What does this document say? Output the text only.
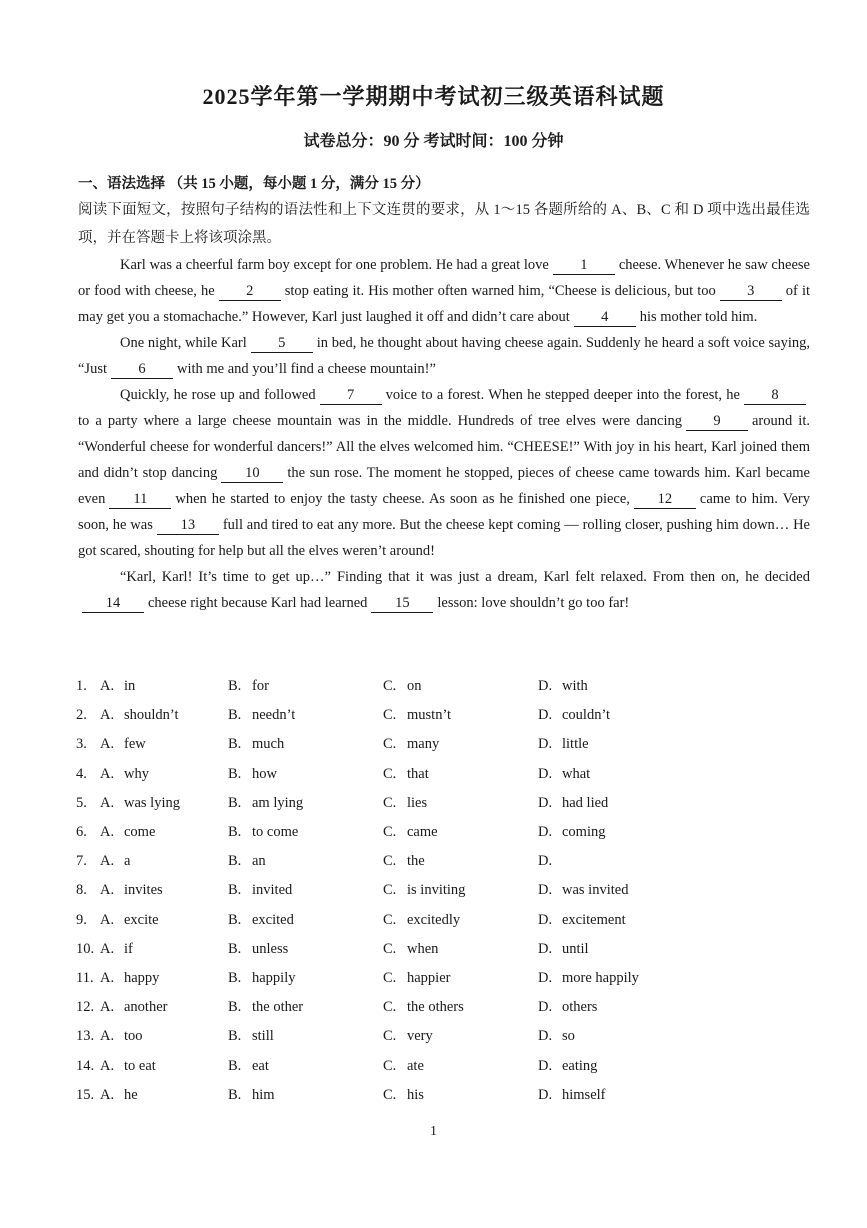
2025学年第一学期期中考试初三级英语科试题
试卷总分：90 分 考试时间：100 分钟
一、语法选择 （共 15 小题，每小题 1 分，满分 15 分）
阅读下面短文，按照句子结构的语法性和上下文连贯的要求，从 1～15 各题所给的 A、B、C 和 D 项中选出最佳选项，并在答题卡上将该项涂黑。

Karl was a cheerful farm boy except for one problem. He had a great love 1 cheese. Whenever he saw cheese or food with cheese, he 2 stop eating it. His mother often warned him, “Cheese is delicious, but too 3 of it may get you a stomachache.” However, Karl just laughed it off and didn’t care about 4 his mother told him.

One night, while Karl 5 in bed, he thought about having cheese again. Suddenly he heard a soft voice saying, “Just 6 with me and you’ll find a cheese mountain!”

Quickly, he rose up and followed 7 voice to a forest. When he stepped deeper into the forest, he 8to a party where a large cheese mountain was in the middle. Hundreds of tree elves were dancing 9 around it. “Wonderful cheese for wonderful dancers!” All the elves welcomed him. “CHEESE!” With joy in his heart, Karl joined them and didn’t stop dancing 10 the sun rose. The moment he stopped, pieces of cheese came towards him. Karl became even 11 when he started to enjoy the tasty cheese. As soon as he finished one piece, 12 came to him. Very soon, he was 13 full and tired to eat any more. But the cheese kept coming — rolling closer, pushing him down… He got scared, shouting for help but all the elves weren’t around!

“Karl, Karl! It’s time to get up…” Finding that it was just a dream, Karl felt relaxed. From then on, he decided14 cheese right because Karl had learned 15 lesson: love shouldn’t go too far!

1. A. in	B. for	C. on	D. with
2. A. shouldn’t	B. needn’t	C. mustn’t	D. couldn’t
3. A. few	B. much	C. many	D. little
4. A. why	B. how	C. that	D. what
5. A. was lying	B. am lying	C. lies	D. had lied
6. A. come	B. to come	C. came	D. coming
7. A. a	B. an	C. the	D.
8. A. invites	B. invited	C. is inviting	D. was invited
9. A. excite	B. excited	C. excitedly	D. excitement
10. A. if	B. unless	C. when	D. until
11. A. happy	B. happily	C. happier	D. more happily
12. A. another	B. the other	C. the others	D. others
13. A. too	B. still	C. very	D. so
14. A. to eat	B. eat	C. ate	D. eating
15. A. he	B. him	C. his	D. himself
1
